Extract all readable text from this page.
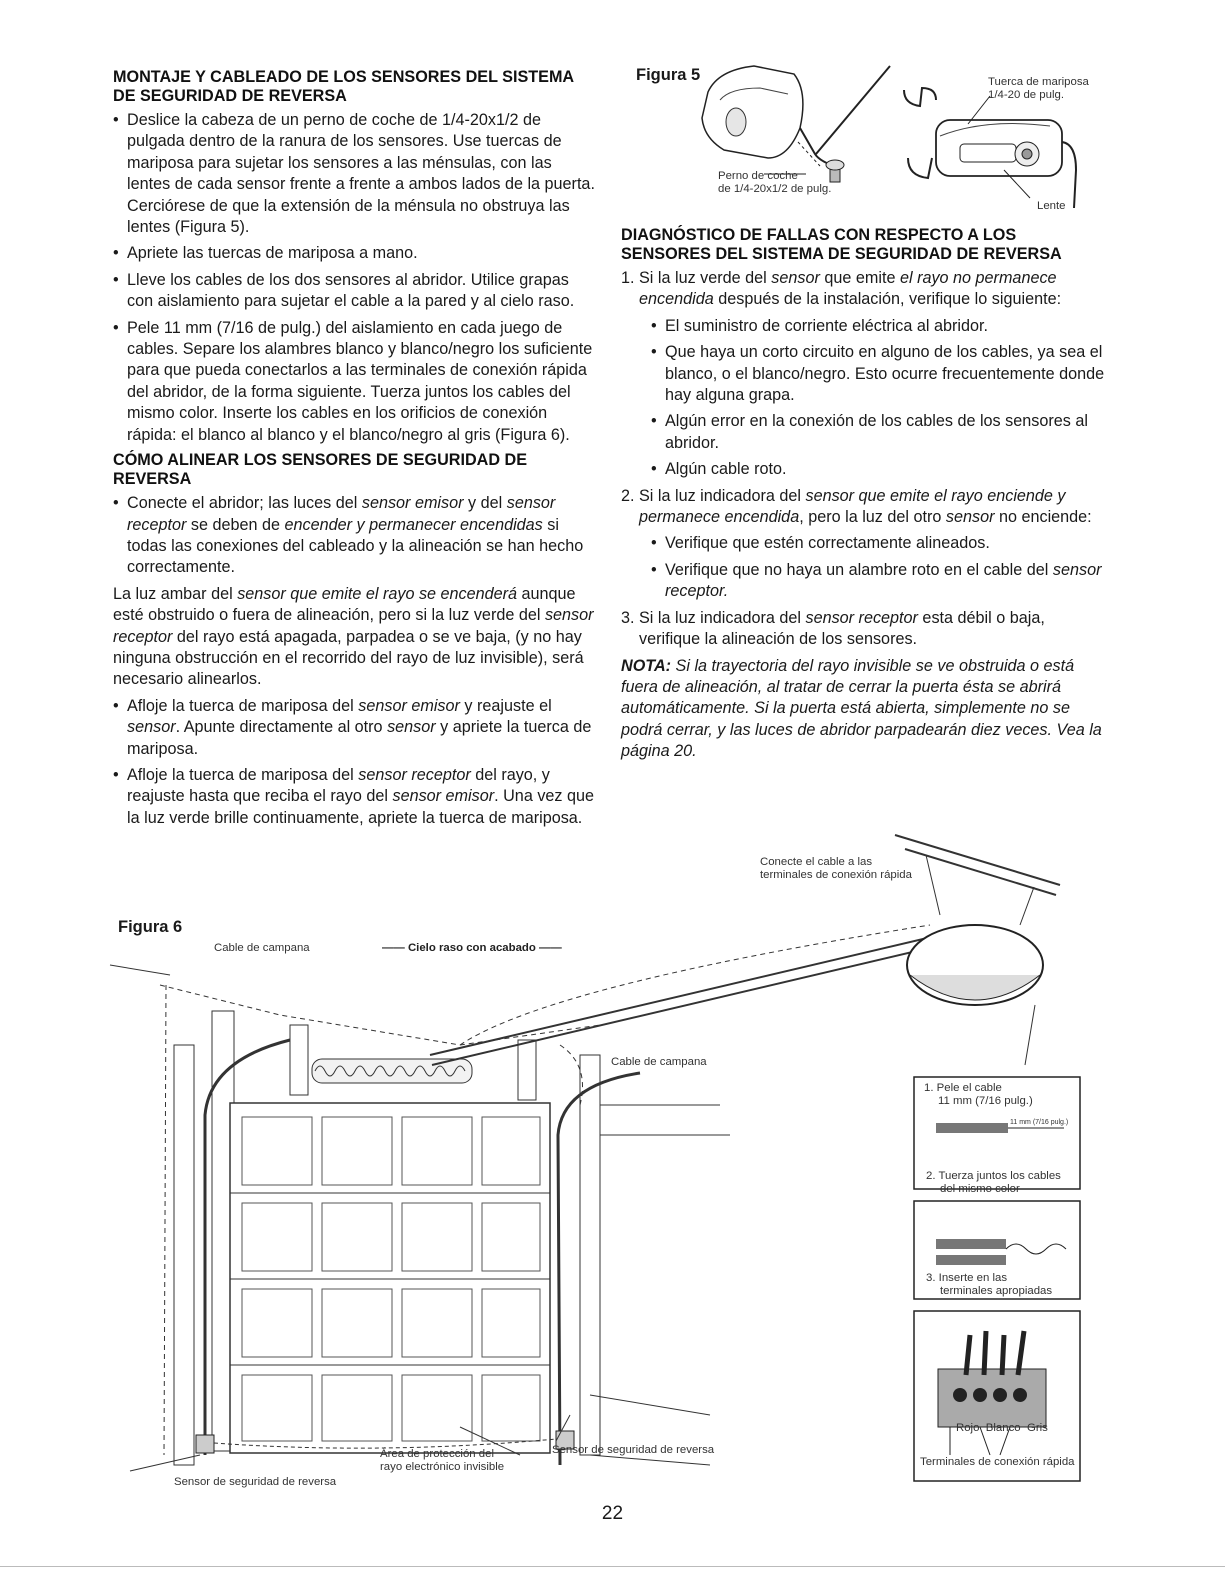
MONTAJE Y CABLEADO DE LOS SENSORES DEL SISTEMA DE SEGURIDAD DE REVERSA
• Deslice la cabeza de un perno de coche de 1/4-20x1/2 de pulgada dentro de la ranura de los sensores. Use tuercas de mariposa para sujetar los sensores a las ménsulas, con las lentes de cada sensor frente a frente a ambos lados de la puerta. Cerciórese de que la extensión de la ménsula no obstruya las lentes (Figura 5).
• Apriete las tuercas de mariposa a mano.
• Lleve los cables de los dos sensores al abridor. Utilice grapas con aislamiento para sujetar el cable a la pared y al cielo raso.
• Pele 11 mm (7/16 de pulg.) del aislamiento en cada juego de cables. Separe los alambres blanco y blanco/negro los suficiente para que pueda conectarlos a las terminales de conexión rápida del abridor, de la forma siguiente. Tuerza juntos los cables del mismo color. Inserte los cables en los orificios de conexión rápida: el blanco al blanco y el blanco/negro al gris (Figura 6).
CÓMO ALINEAR LOS SENSORES DE SEGURIDAD DE REVERSA
• Conecte el abridor; las luces del sensor emisor y del sensor receptor se deben de encender y permanecer encendidas si todas las conexiones del cableado y la alineación se han hecho correctamente.

La luz ambar del sensor que emite el rayo se encenderá aunque esté obstruido o fuera de alineación, pero si la luz verde del sensor receptor del rayo está apagada, parpadea o se ve baja, (y no hay ninguna obstrucción en el recorrido del rayo de luz invisible), será necesario alinearlos.

• Afloje la tuerca de mariposa del sensor emisor y reajuste el sensor. Apunte directamente al otro sensor y apriete la tuerca de mariposa.
• Afloje la tuerca de mariposa del sensor receptor del rayo, y reajuste hasta que reciba el rayo del sensor emisor. Una vez que la luz verde brille continuamente, apriete la tuerca de mariposa.
DIAGNÓSTICO DE FALLAS CON RESPECTO A LOS SENSORES DEL SISTEMA DE SEGURIDAD DE REVERSA
1. Si la luz verde del sensor que emite el rayo no permanece encendida después de la instalación, verifique lo siguiente:
• El suministro de corriente eléctrica al abridor.
• Que haya un corto circuito en alguno de los cables, ya sea el blanco, o el blanco/negro. Esto ocurre frecuentemente donde hay alguna grapa.
• Algún error en la conexión de los cables de los sensores al abridor.
• Algún cable roto.
2. Si la luz indicadora del sensor que emite el rayo enciende y permanece encendida, pero la luz del otro sensor no enciende:
• Verifique que estén correctamente alineados.
• Verifique que no haya un alambre roto en el cable del sensor receptor.
3. Si la luz indicadora del sensor receptor esta débil o baja, verifique la alineación de los sensores.

NOTA: Si la trayectoria del rayo invisible se ve obstruida o está fuera de alineación, al tratar de cerrar la puerta ésta se abrirá automáticamente. Si la puerta está abierta, simplemente no se podrá cerrar, y las luces de abridor parpadearán diez veces. Vea la página 20.

Figura 5	Tuerca de mariposa
1/4-20 de pulg.
Perno de coche
de 1/4-20x1/2 de pulg.
Lente
Figura 6
Cable de campana	—— Cielo raso con acabado ——
Conecte el cable a las
terminales de conexión rápida
Cable de campana
Área de protección del
rayo electrónico invisible
Sensor de seguridad de reversa
Sensor de seguridad de reversa
1. Pele el cable
11 mm (7/16 pulg.)
11 mm (7/16 pulg.)
2. Tuerza juntos los cables
del mismo color
3. Inserte en las
terminales apropiadas
Rojo Blanco Gris
Terminales de conexión rápida
22
